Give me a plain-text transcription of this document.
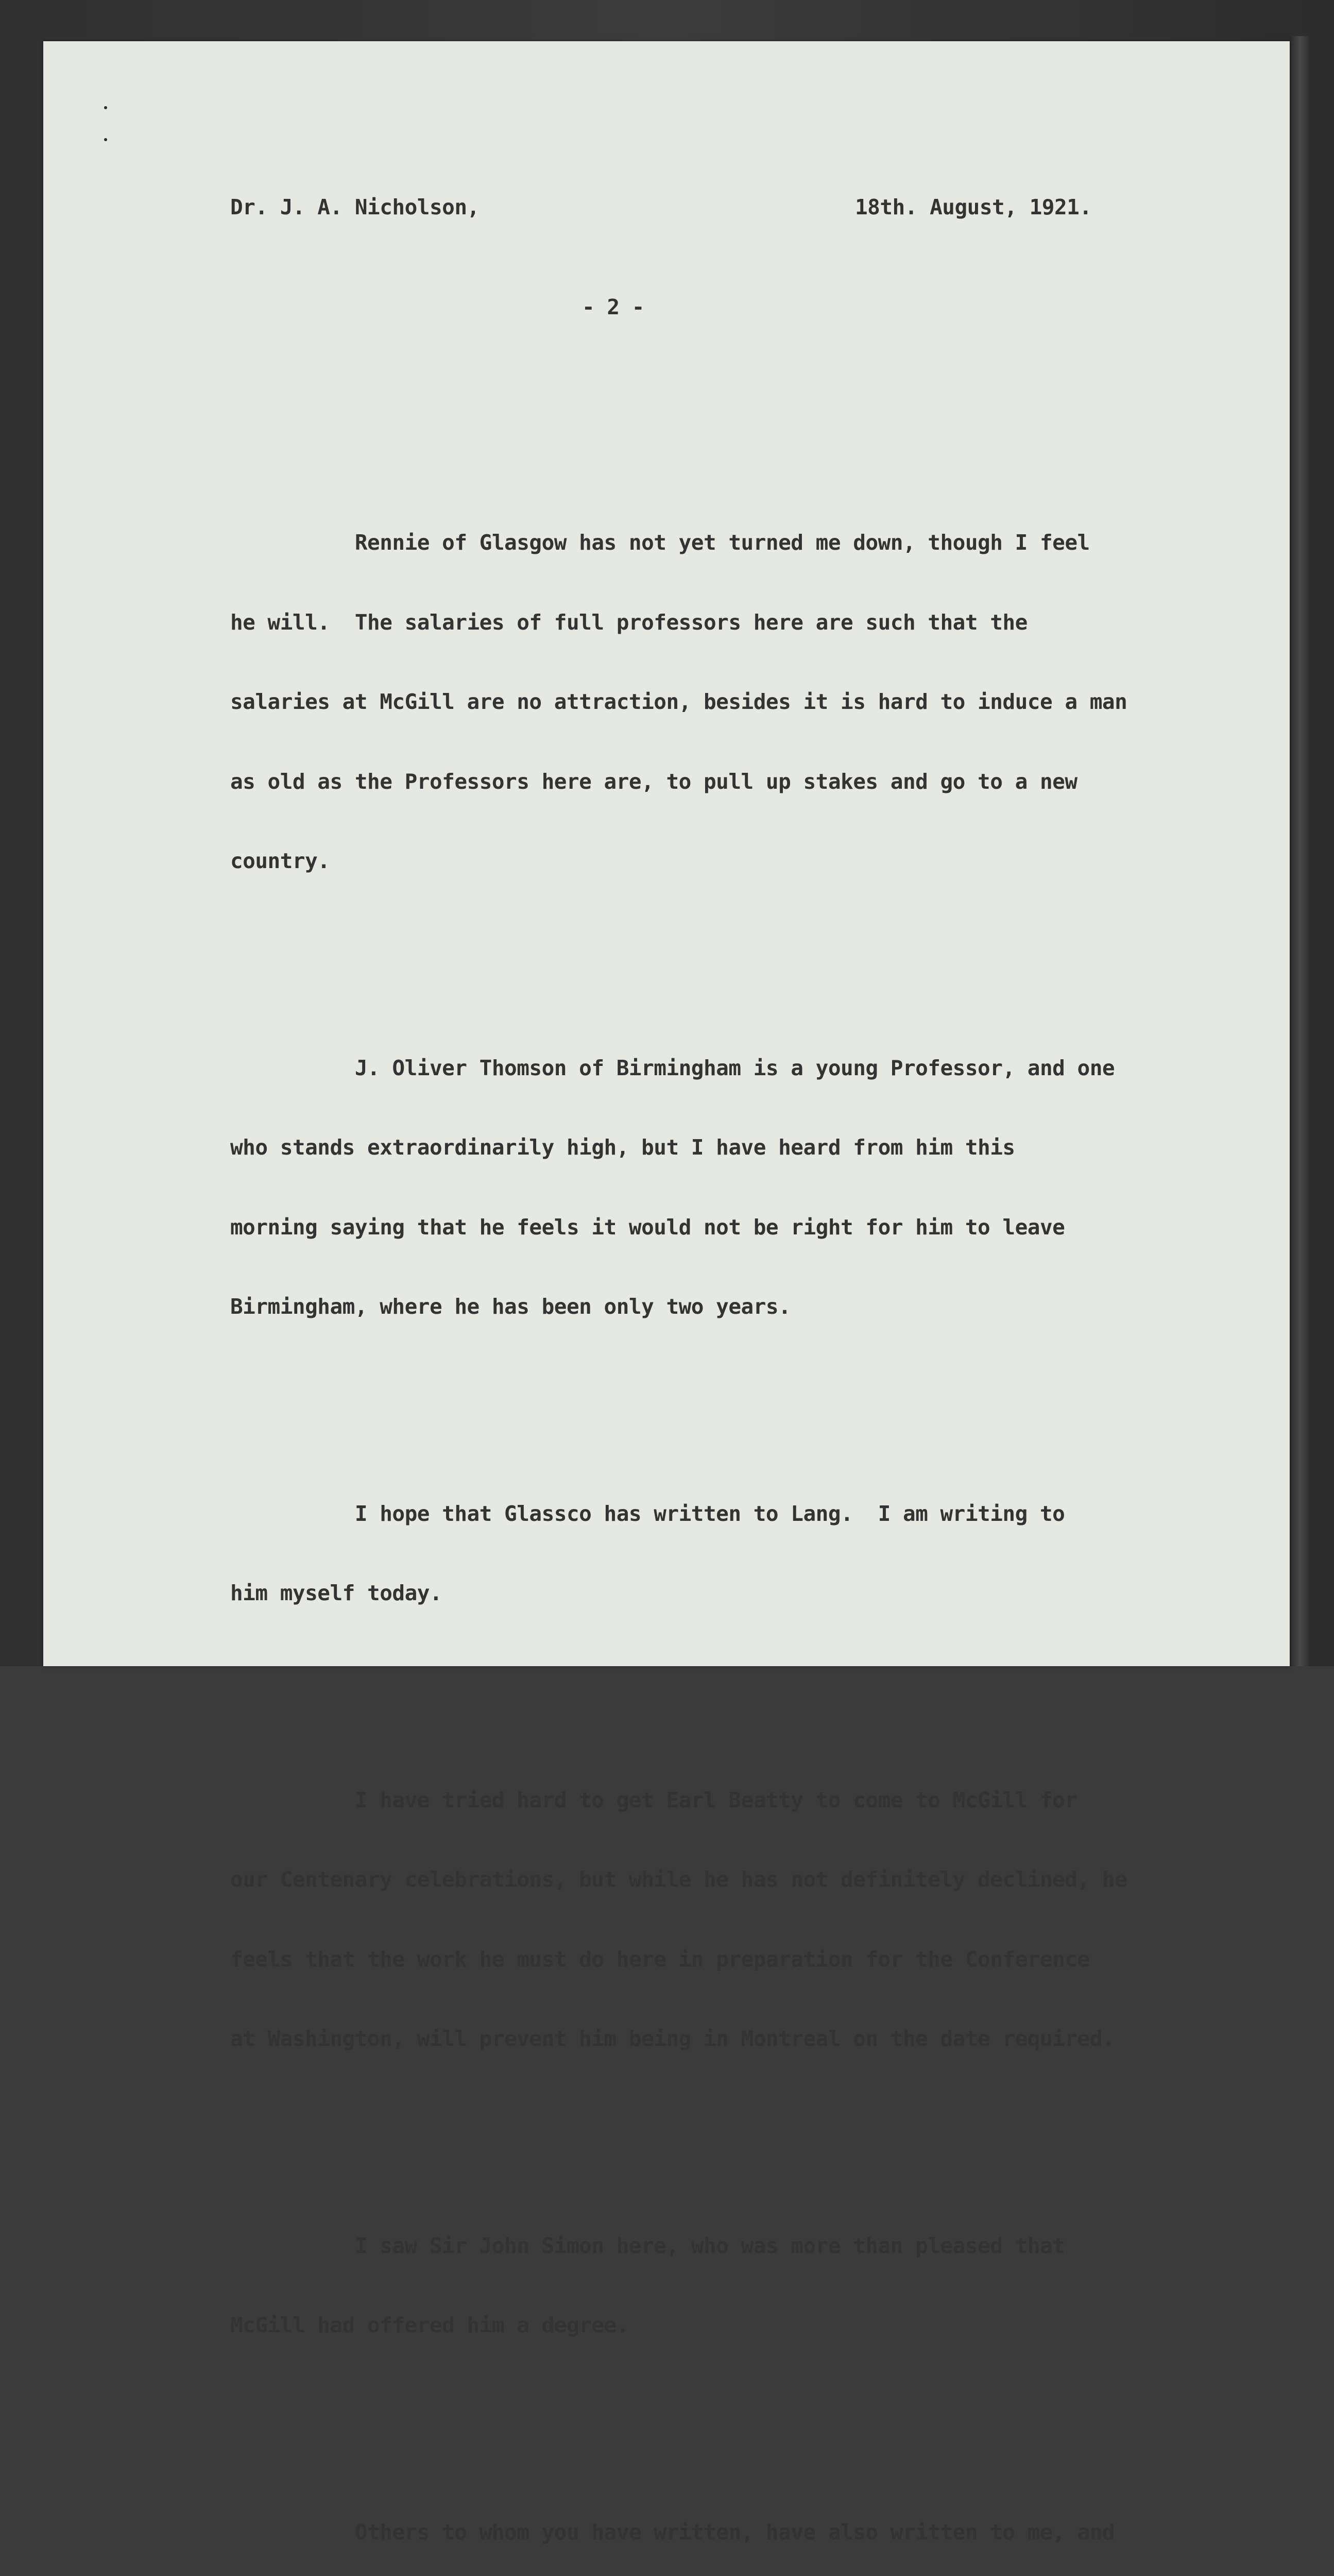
Dr. J. A. Nicholson,	18th. August, 1921.

- 2 -

Rennie of Glasgow has not yet turned me down, though I feel

he will.  The salaries of full professors here are such that the

salaries at McGill are no attraction, besides it is hard to induce a man

as old as the Professors here are, to pull up stakes and go to a new

country.

J. Oliver Thomson of Birmingham is a young Professor, and one

who stands extraordinarily high, but I have heard from him this

morning saying that he feels it would not be right for him to leave

Birmingham, where he has been only two years.

I hope that Glassco has written to Lang.  I am writing to

him myself today.

I have tried hard to get Earl Beatty to come to McGill for

our Centenary celebrations, but while he has not definitely declined, he

feels that the work he must do here in preparation for the Conference

at Washington, will prevent him being in Montreal on the date required.

I saw Sir John Simon here, who was more than pleased that

McGill had offered him a degree.

Others to whom you have written, have also written to me, and
